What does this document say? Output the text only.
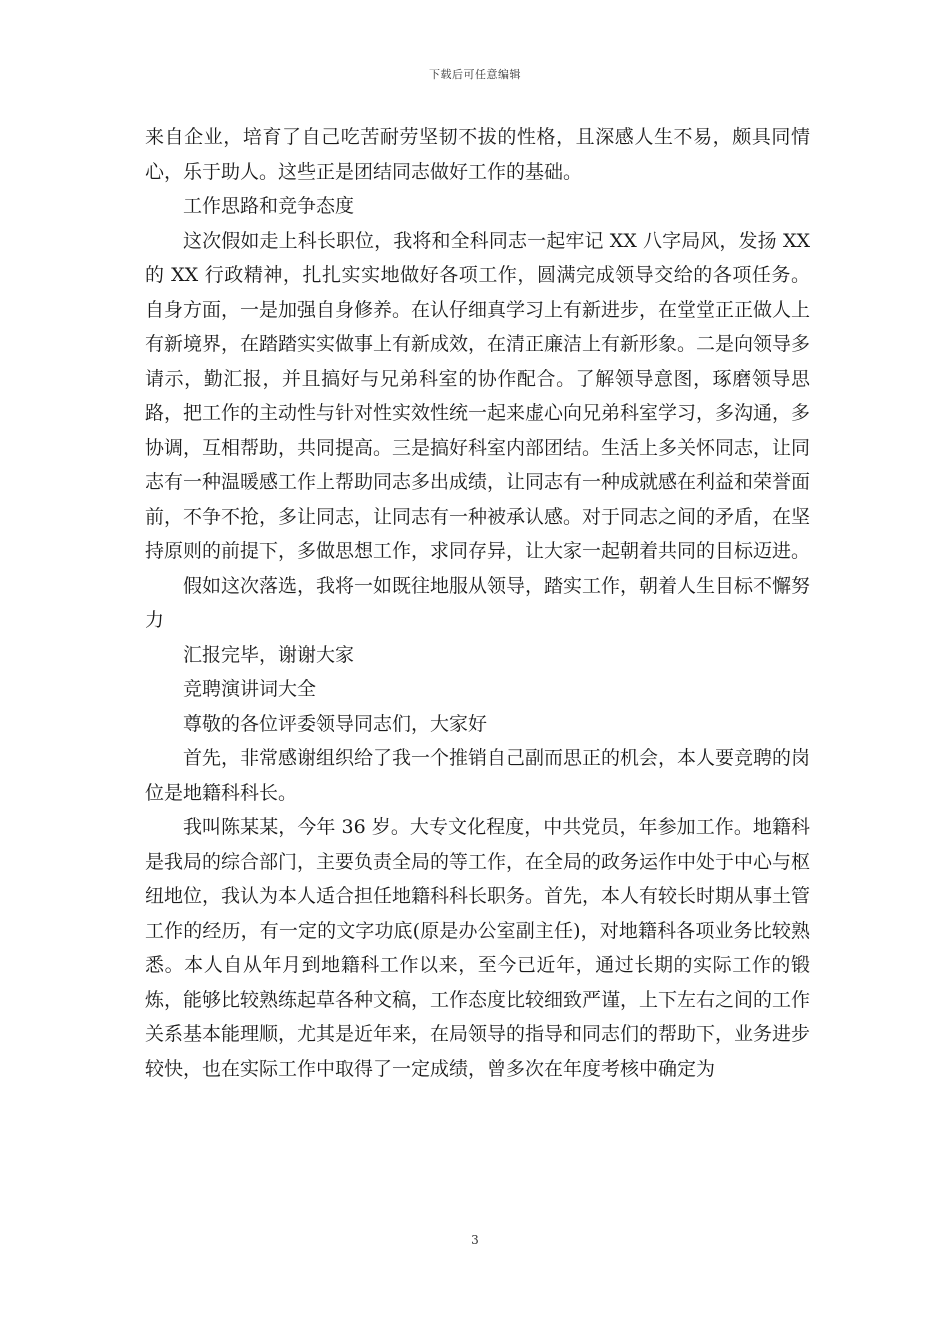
下载后可任意编辑

来自企业，培育了自己吃苦耐劳坚韧不拔的性格，且深感人生不易，颇具同情心，乐于助人。这些正是团结同志做好工作的基础。

工作思路和竞争态度

这次假如走上科长职位，我将和全科同志一起牢记 XX 八字局风，发扬 XX 的 XX 行政精神，扎扎实实地做好各项工作，圆满完成领导交给的各项任务。自身方面，一是加强自身修养。在认仔细真学习上有新进步，在堂堂正正做人上有新境界，在踏踏实实做事上有新成效，在清正廉洁上有新形象。二是向领导多请示，勤汇报，并且搞好与兄弟科室的协作配合。了解领导意图，琢磨领导思路，把工作的主动性与针对性实效性统一起来虚心向兄弟科室学习，多沟通，多协调，互相帮助，共同提高。三是搞好科室内部团结。生活上多关怀同志，让同志有一种温暖感工作上帮助同志多出成绩，让同志有一种成就感在利益和荣誉面前，不争不抢，多让同志，让同志有一种被承认感。对于同志之间的矛盾，在坚持原则的前提下，多做思想工作，求同存异，让大家一起朝着共同的目标迈进。

假如这次落选，我将一如既往地服从领导，踏实工作，朝着人生目标不懈努力

汇报完毕，谢谢大家

竞聘演讲词大全

尊敬的各位评委领导同志们，大家好

首先，非常感谢组织给了我一个推销自己副而思正的机会，本人要竞聘的岗位是地籍科科长。

我叫陈某某，今年 36 岁。大专文化程度，中共党员，年参加工作。地籍科是我局的综合部门，主要负责全局的等工作，在全局的政务运作中处于中心与枢纽地位，我认为本人适合担任地籍科科长职务。首先，本人有较长时期从事土管工作的经历，有一定的文字功底(原是办公室副主任)，对地籍科各项业务比较熟悉。本人自从年月到地籍科工作以来，至今已近年，通过长期的实际工作的锻炼，能够比较熟练起草各种文稿，工作态度比较细致严谨，上下左右之间的工作关系基本能理顺，尤其是近年来，在局领导的指导和同志们的帮助下，业务进步较快，也在实际工作中取得了一定成绩，曾多次在年度考核中确定为

3
